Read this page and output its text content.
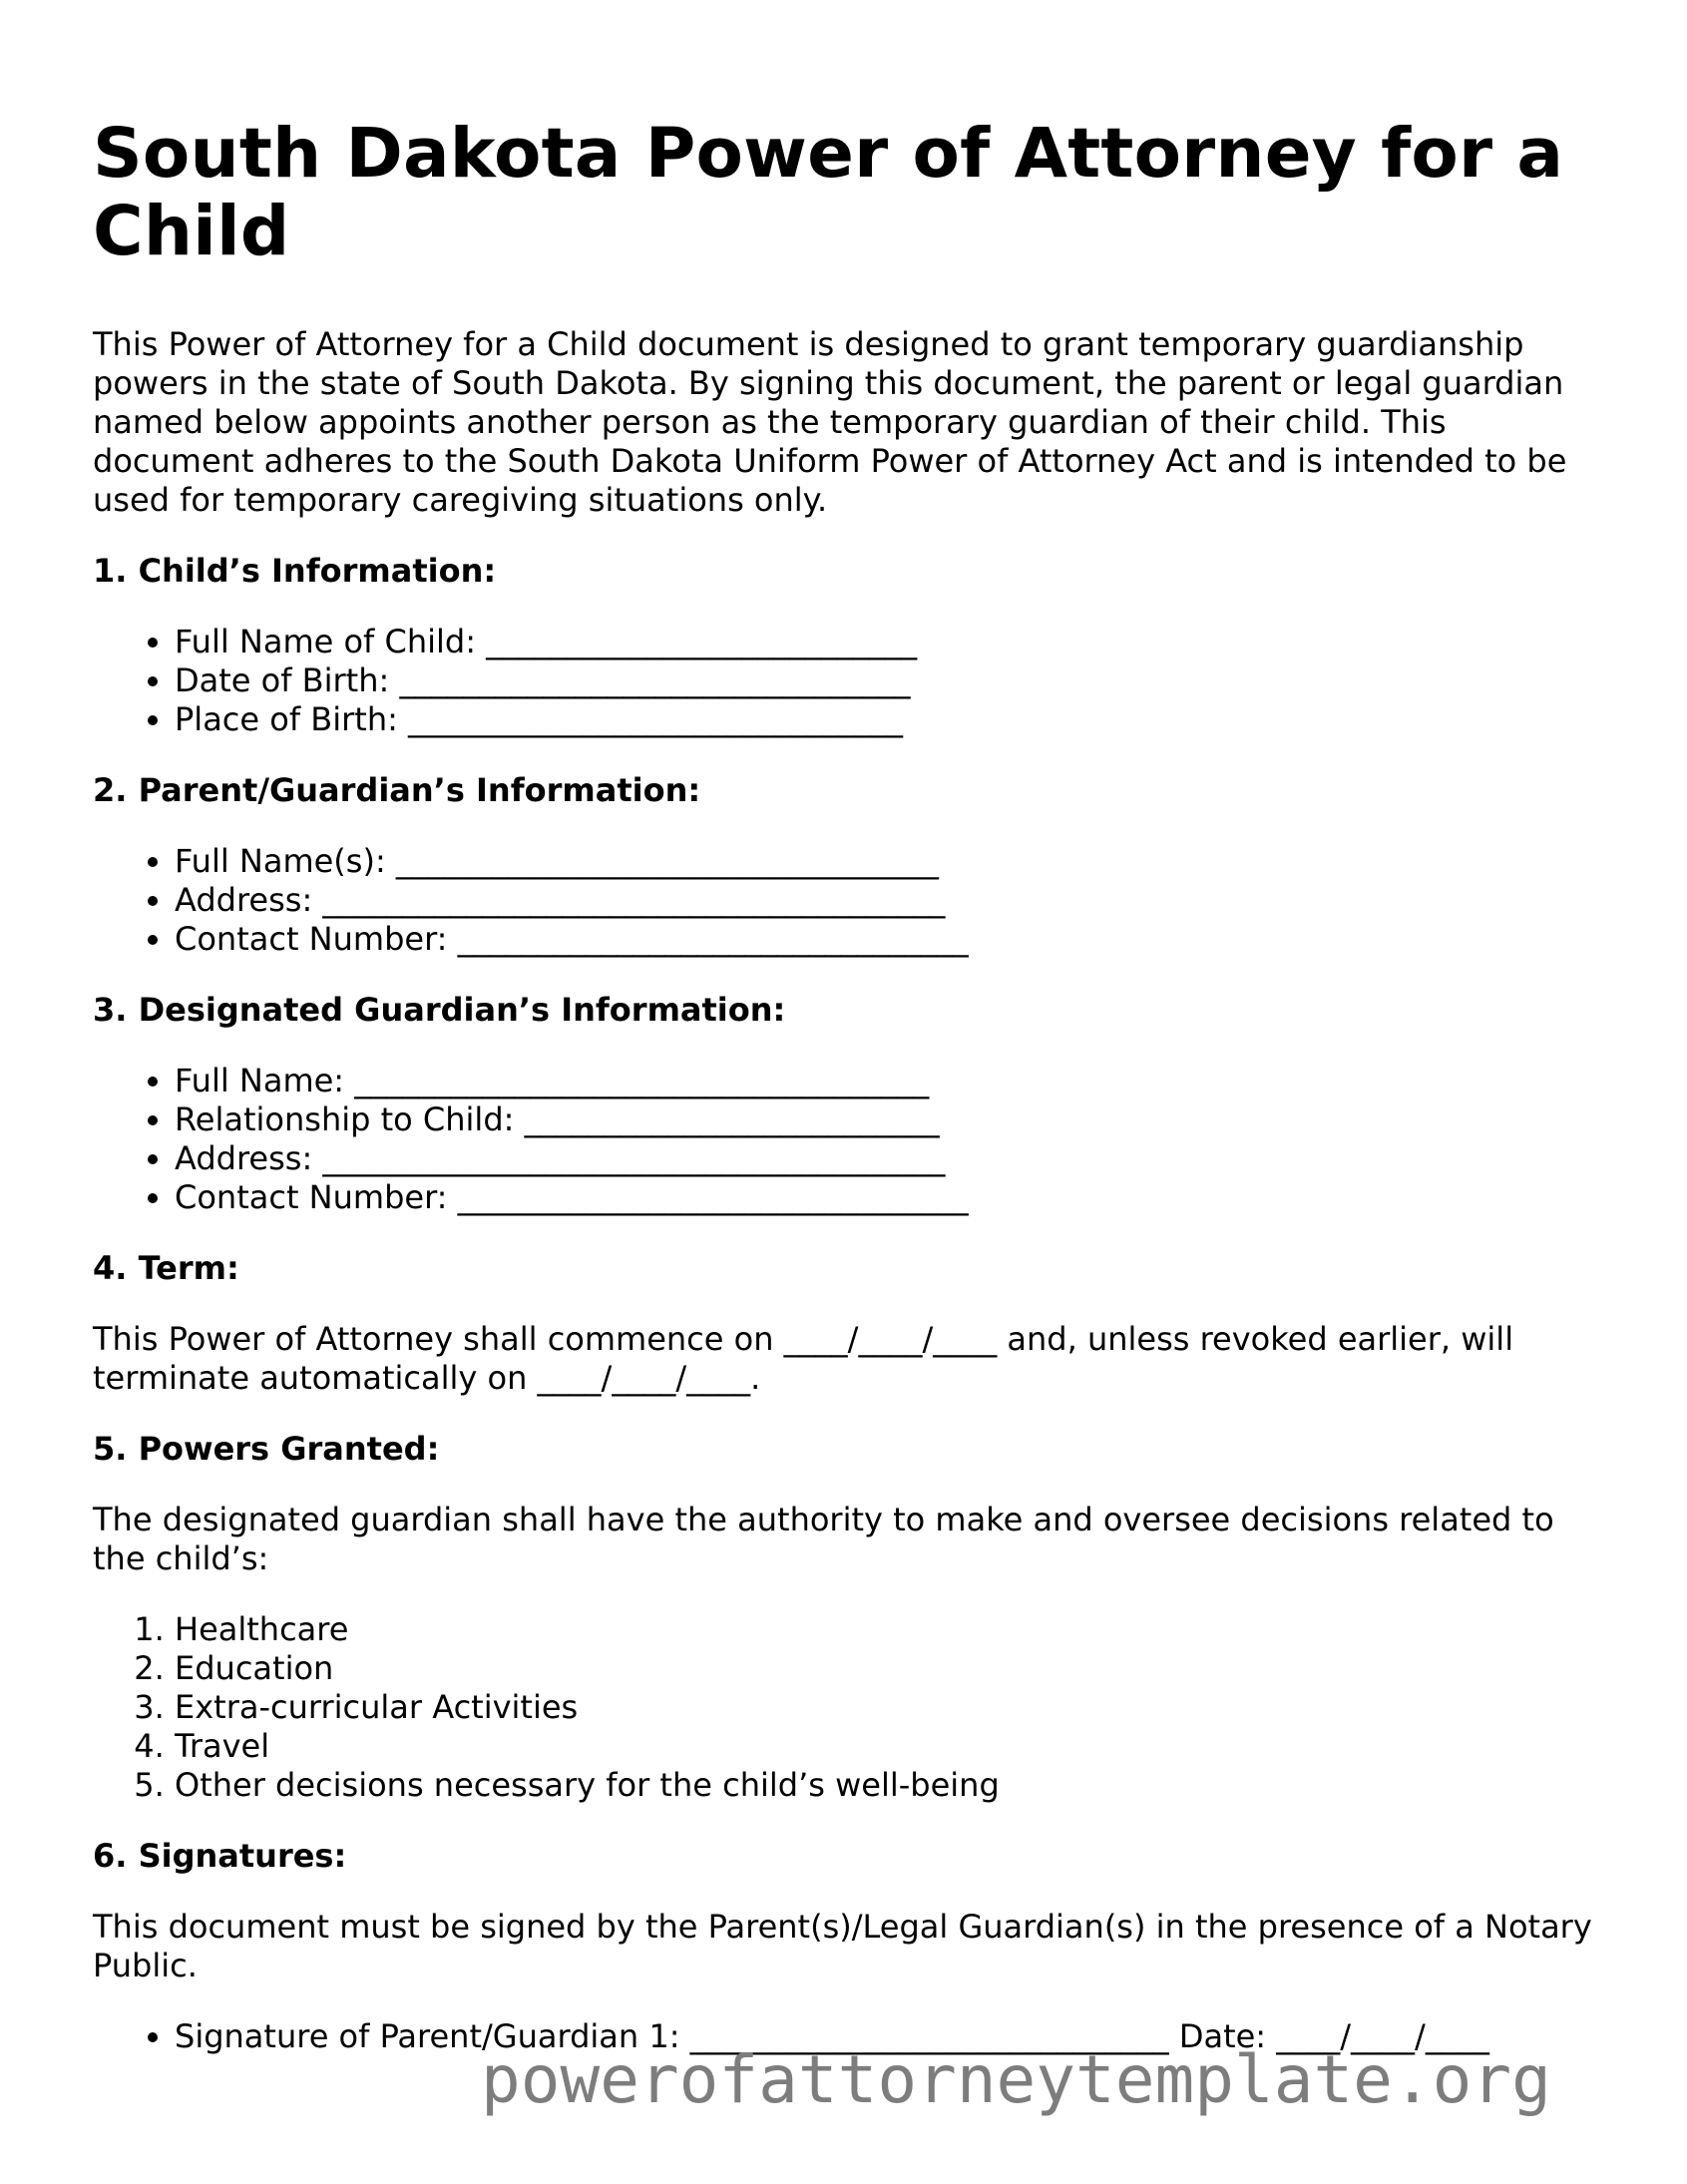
South Dakota Power of Attorney for a Child

This Power of Attorney for a Child document is designed to grant temporary guardianship powers in the state of South Dakota. By signing this document, the parent or legal guardian named below appoints another person as the temporary guardian of their child. This document adheres to the South Dakota Uniform Power of Attorney Act and is intended to be used for temporary caregiving situations only.

1. Child’s Information:

• Full Name of Child: ___________________________
• Date of Birth: ________________________________
• Place of Birth: _______________________________

2. Parent/Guardian’s Information:

• Full Name(s): __________________________________
• Address: _______________________________________
• Contact Number: ________________________________

3. Designated Guardian’s Information:

• Full Name: ____________________________________
• Relationship to Child: __________________________
• Address: _______________________________________
• Contact Number: ________________________________

4. Term:

This Power of Attorney shall commence on ____/____/____ and, unless revoked earlier, will terminate automatically on ____/____/____.

5. Powers Granted:

The designated guardian shall have the authority to make and oversee decisions related to the child’s:

1. Healthcare
2. Education
3. Extra-curricular Activities
4. Travel
5. Other decisions necessary for the child’s well-being

6. Signatures:

This document must be signed by the Parent(s)/Legal Guardian(s) in the presence of a Notary Public.

• Signature of Parent/Guardian 1: ______________________________ Date: ____/____/____
powerofattorneytemplate.org
